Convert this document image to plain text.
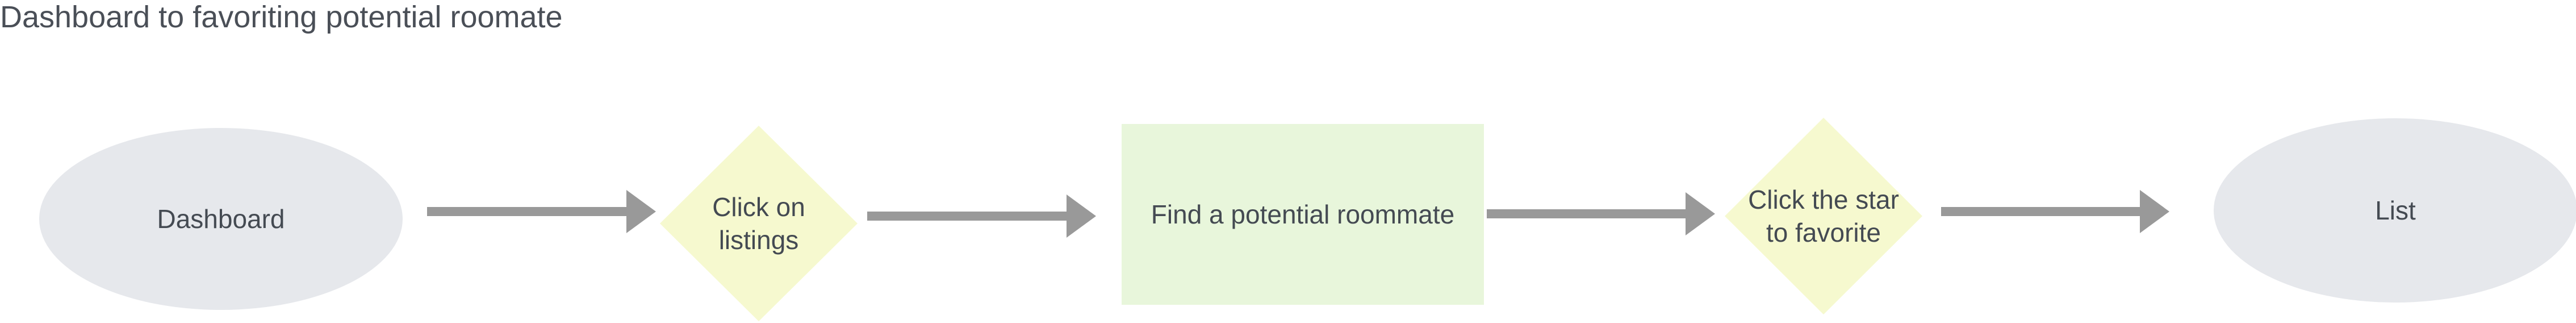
Dashboard to favoriting potential roomate
Dashboard	Click on
listings
Find a potential roommate	Click the star
to favorite
List
